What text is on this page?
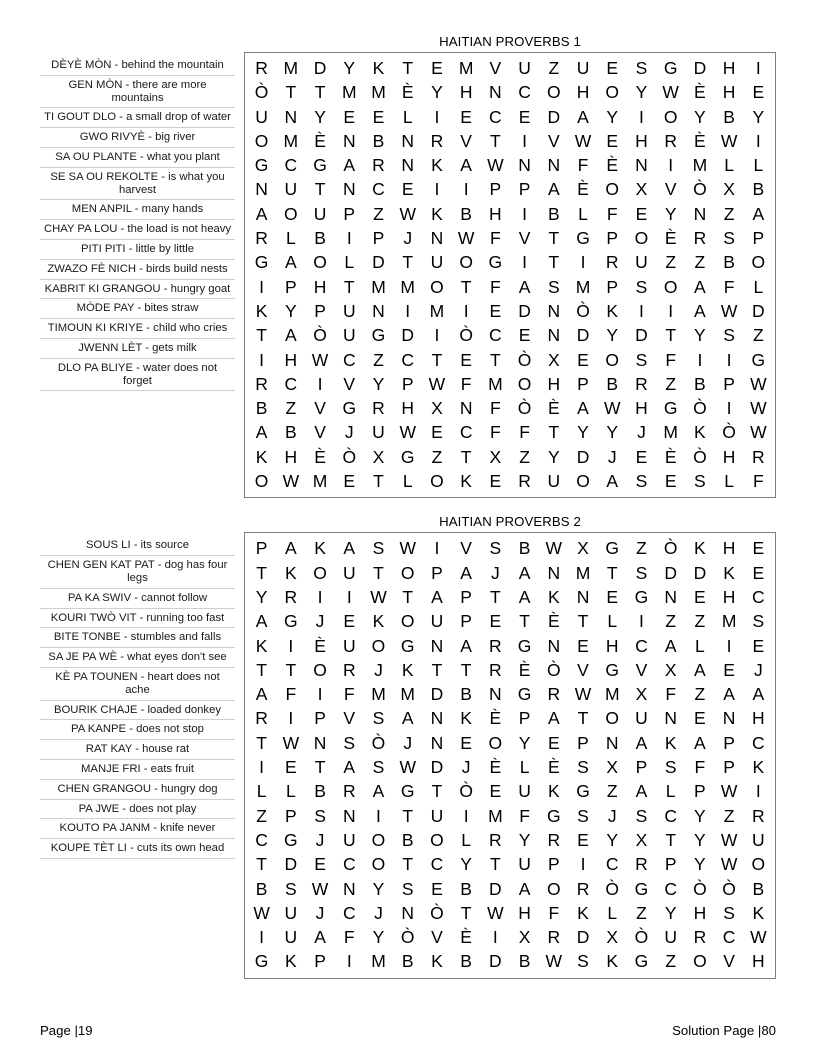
DÈYÈ MÒN - behind the mountain
GEN MÒN - there are more mountains
TI GOUT DLO - a small drop of water
GWO RIVYÈ - big river
SA OU PLANTE - what you plant
SE SA OU REKOLTE - is what you harvest
MEN ANPIL - many hands
CHAY PA LOU - the load is not heavy
PITI PITI - little by little
ZWAZO FÈ NICH - birds build nests
KABRIT KI GRANGOU - hungry goat
MÒDE PAY - bites straw
TIMOUN KI KRIYE - child who cries
JWENN LÈT - gets milk
DLO PA BLIYE - water does not forget
HAITIAN PROVERBS 1
R	M	D	Y	K	T	E	M	V	U	Z	U	E	S	G	D	H	I
Ò	T	T	M	M	È	Y	H	N	C	O	H	O	Y	W	È	H	E
U	N	Y	E	E	L	I	E	C	E	D	A	Y	I	O	Y	B	Y
O	M	È	N	B	N	R	V	T	I	V	W	E	H	R	È	W	I
G	C	G	A	R	N	K	A	W	N	N	F	È	N	I	M	L	L
N	U	T	N	C	E	I	I	P	P	A	È	O	X	V	Ò	X	B
A	O	U	P	Z	W	K	B	H	I	B	L	F	E	Y	N	Z	A
R	L	B	I	P	J	N	W	F	V	T	G	P	O	È	R	S	P
G	A	O	L	D	T	U	O	G	I	T	I	R	U	Z	Z	B	O
I	P	H	T	M	M	O	T	F	A	S	M	P	S	O	A	F	L
K	Y	P	U	N	I	M	I	E	D	N	Ò	K	I	I	A	W	D
T	A	Ò	U	G	D	I	Ò	C	E	N	D	Y	D	T	Y	S	Z
I	H	W	C	Z	C	T	E	T	Ò	X	E	O	S	F	I	I	G
R	C	I	V	Y	P	W	F	M	O	H	P	B	R	Z	B	P	W
B	Z	V	G	R	H	X	N	F	Ò	È	A	W	H	G	Ò	I	W
A	B	V	J	U	W	E	C	F	F	T	Y	Y	J	M	K	Ò	W
K	H	È	Ò	X	G	Z	T	X	Z	Y	D	J	E	È	Ò	H	R
O	W	M	E	T	L	O	K	E	R	U	O	A	S	E	S	L	F
SOUS LI - its source
CHEN GEN KAT PAT - dog has four legs
PA KA SWIV - cannot follow
KOURI TWÒ VIT - running too fast
BITE TONBE - stumbles and falls
SA JE PA WÈ - what eyes don't see
KÈ PA TOUNEN - heart does not ache
BOURIK CHAJE - loaded donkey
PA KANPE - does not stop
RAT KAY - house rat
MANJE FRI - eats fruit
CHEN GRANGOU - hungry dog
PA JWE - does not play
KOUTO PA JANM - knife never
KOUPE TÈT LI - cuts its own head
HAITIAN PROVERBS 2
P	A	K	A	S	W	I	V	S	B	W	X	G	Z	Ò	K	H	E
T	K	O	U	T	O	P	A	J	A	N	M	T	S	D	D	K	E
Y	R	I	I	W	T	A	P	T	A	K	N	E	G	N	E	H	C
A	G	J	E	K	O	U	P	E	T	È	T	L	I	Z	Z	M	S
K	I	È	U	O	G	N	A	R	G	N	E	H	C	A	L	I	E
T	T	O	R	J	K	T	T	R	È	Ò	V	G	V	X	A	E	J
A	F	I	F	M	M	D	B	N	G	R	W	M	X	F	Z	A	A
R	I	P	V	S	A	N	K	È	P	A	T	O	U	N	E	N	H
T	W	N	S	Ò	J	N	E	O	Y	E	P	N	A	K	A	P	C
I	E	T	A	S	W	D	J	È	L	È	S	X	P	S	F	P	K
L	L	B	R	A	G	T	Ò	E	U	K	G	Z	A	L	P	W	I
Z	P	S	N	I	T	U	I	M	F	G	S	J	S	C	Y	Z	R
C	G	J	U	O	B	O	L	R	Y	R	E	Y	X	T	Y	W	U
T	D	E	C	O	T	C	Y	T	U	P	I	C	R	P	Y	W	O
B	S	W	N	Y	S	E	B	D	A	O	R	Ò	G	C	Ò	Ò	B
W	U	J	C	J	N	Ò	T	W	H	F	K	L	Z	Y	H	S	K
I	U	A	F	Y	Ò	V	È	I	X	R	D	X	Ò	U	R	C	W
G	K	P	I	M	B	K	B	D	B	W	S	K	G	Z	O	V	H
Page |19	Solution Page |80
